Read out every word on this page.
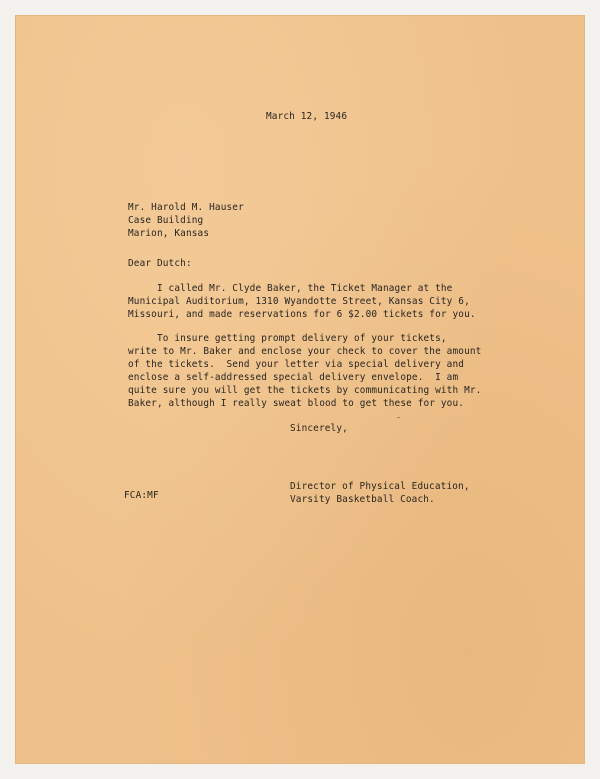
March 12, 1946
Mr. Harold M. Hauser
Case Building
Marion, Kansas
Dear Dutch:
I called Mr. Clyde Baker, the Ticket Manager at the
Municipal Auditorium, 1310 Wyandotte Street, Kansas City 6,
Missouri, and made reservations for 6 $2.00 tickets for you.
To insure getting prompt delivery of your tickets,
write to Mr. Baker and enclose your check to cover the amount
of the tickets.  Send your letter via special delivery and
enclose a self-addressed special delivery envelope.  I am
quite sure you will get the tickets by communicating with Mr.
Baker, although I really sweat blood to get these for you.
Sincerely,
Director of Physical Education,
Varsity Basketball Coach.
FCA:MF
